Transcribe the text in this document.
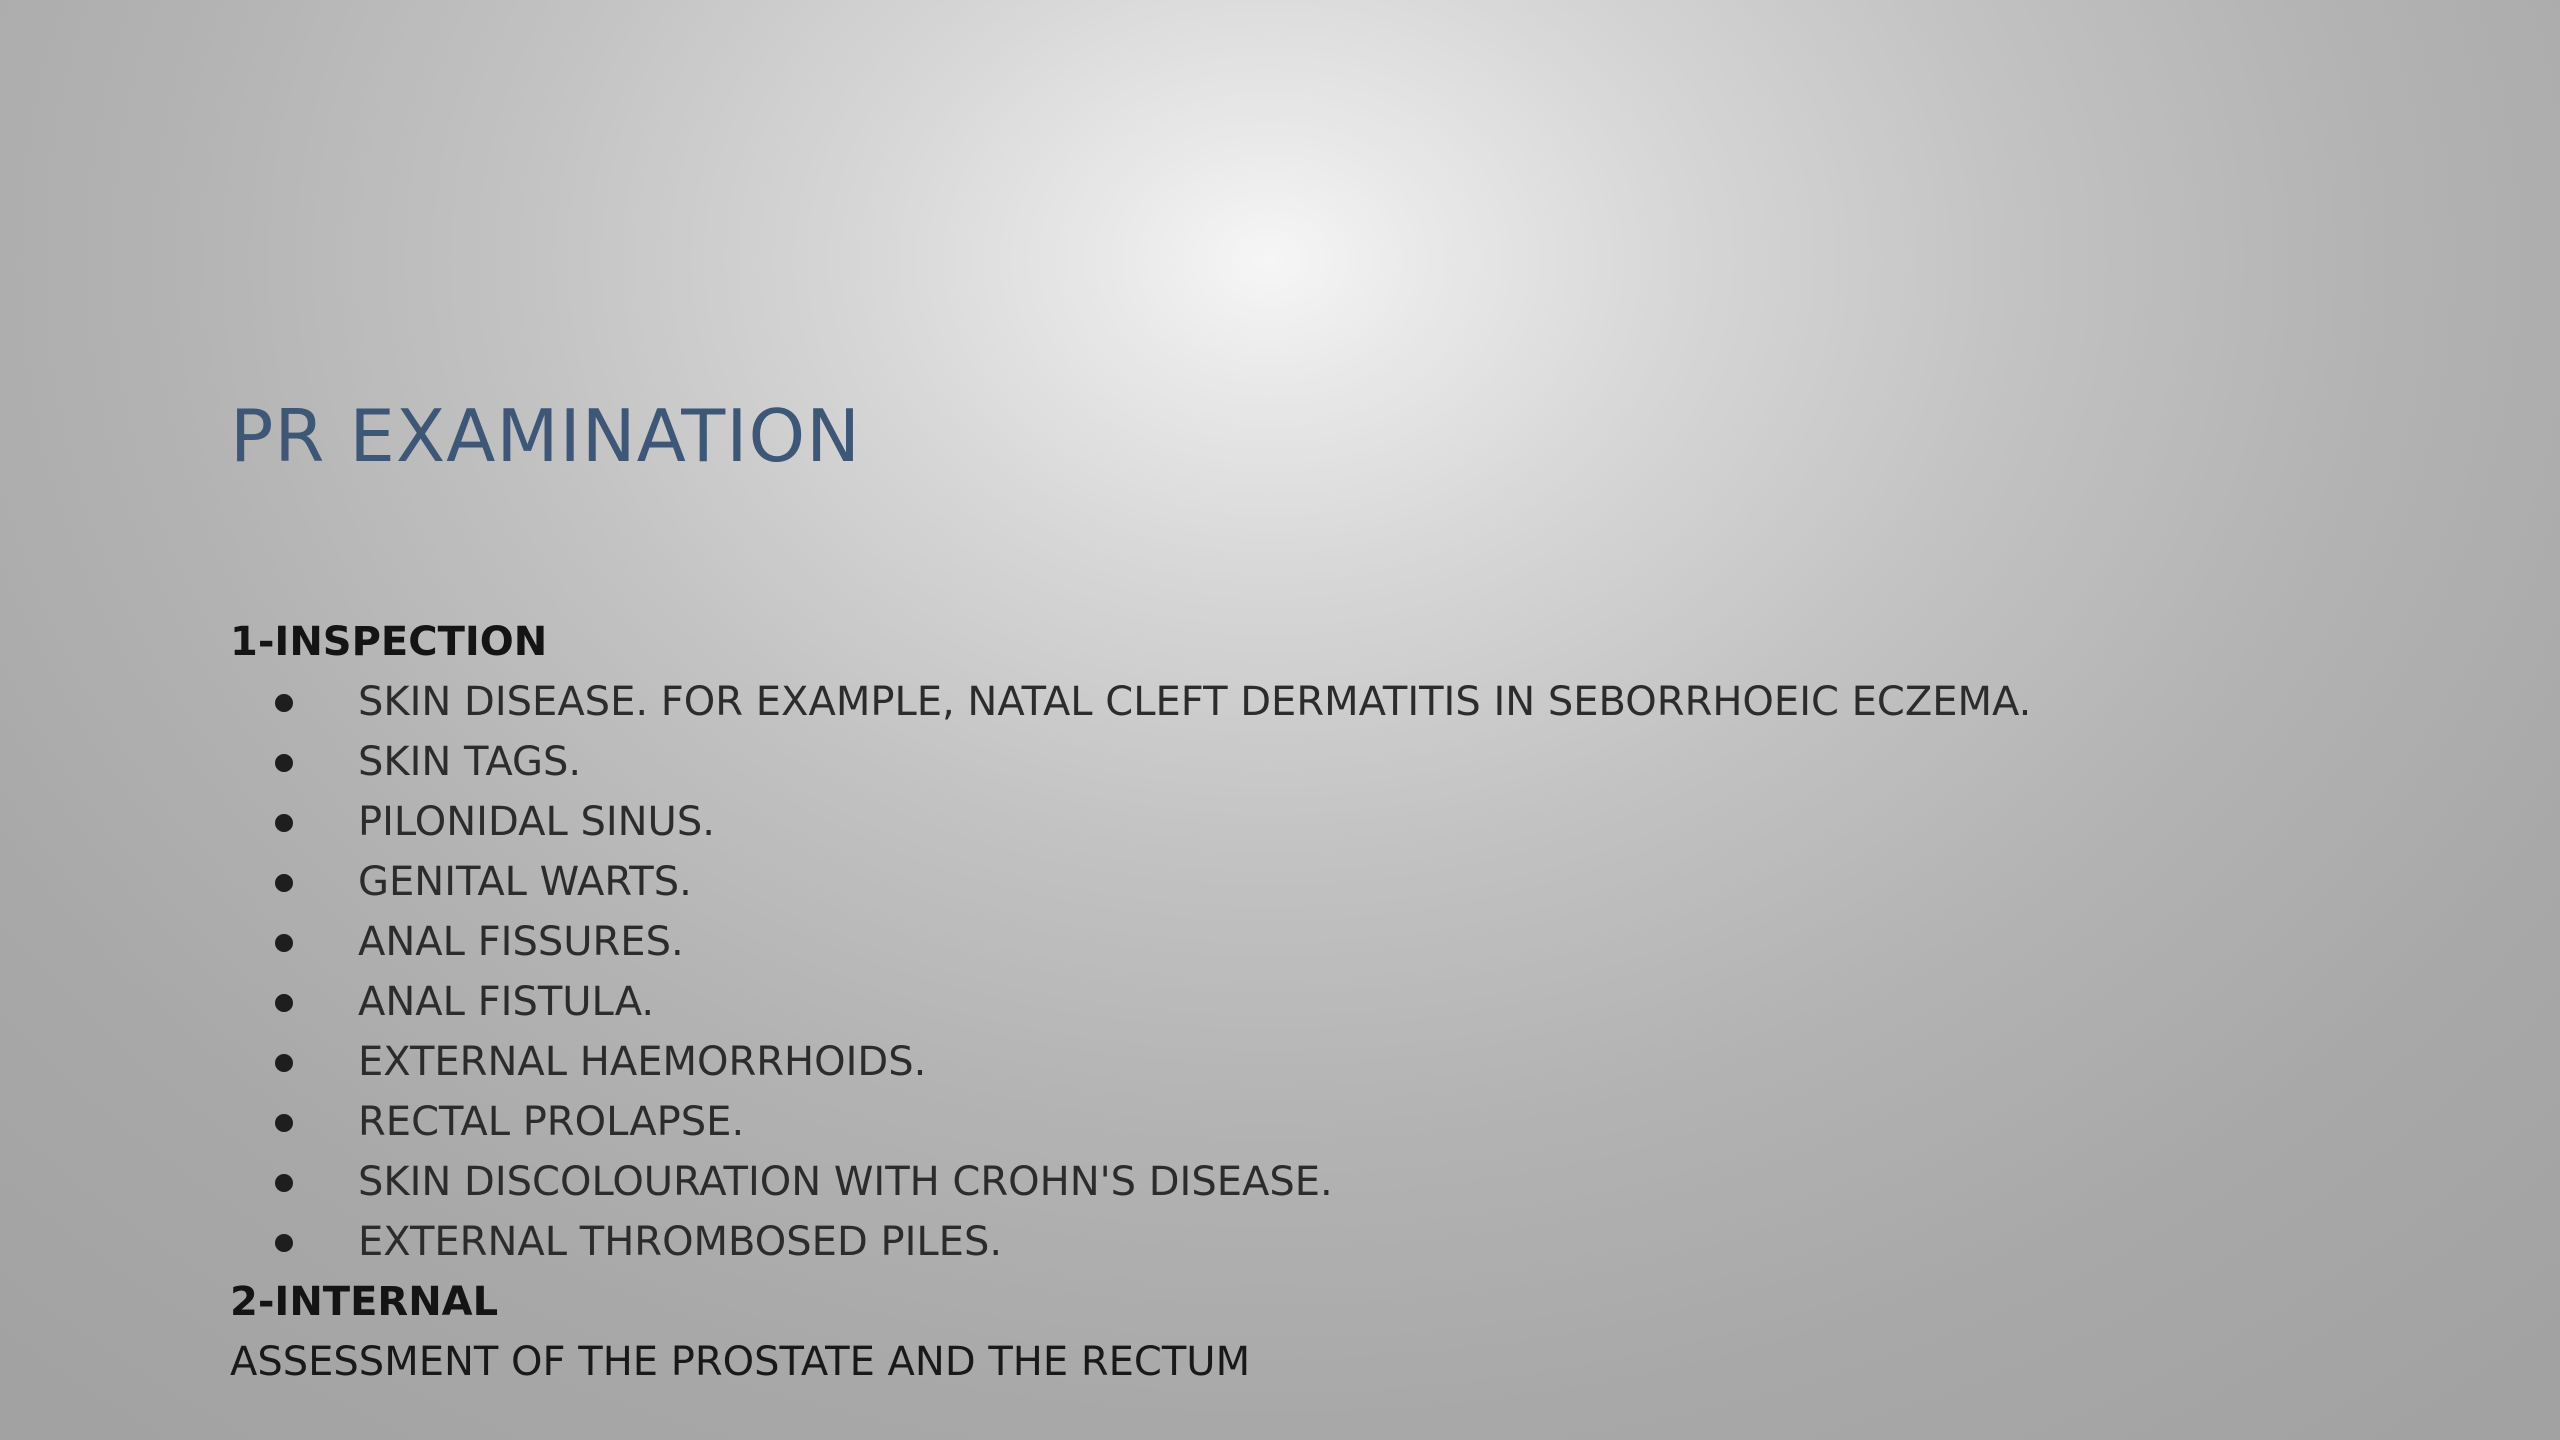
PR EXAMINATION
1-INSPECTION
SKIN DISEASE. FOR EXAMPLE, NATAL CLEFT DERMATITIS IN SEBORRHOEIC ECZEMA.
SKIN TAGS.
PILONIDAL SINUS.
GENITAL WARTS.
ANAL FISSURES.
ANAL FISTULA.
EXTERNAL HAEMORRHOIDS.
RECTAL PROLAPSE.
SKIN DISCOLOURATION WITH CROHN'S DISEASE.
EXTERNAL THROMBOSED PILES.
2-INTERNAL
ASSESSMENT OF THE PROSTATE AND THE RECTUM
